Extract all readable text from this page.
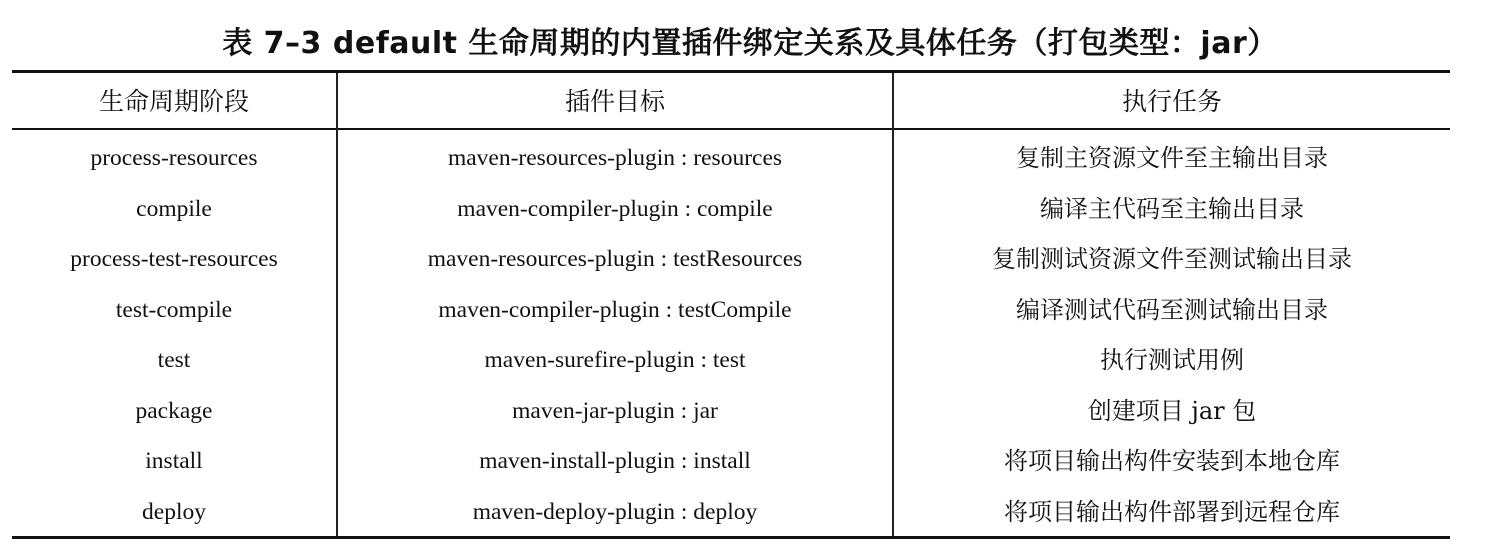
表 7–3 default 生命周期的内置插件绑定关系及具体任务（打包类型：jar）
生命周期阶段	插件目标	执行任务
process-resources	maven-resources-plugin : resources	复制主资源文件至主输出目录
compile	maven-compiler-plugin : compile	编译主代码至主输出目录
process-test-resources	maven-resources-plugin : testResources	复制测试资源文件至测试输出目录
test-compile	maven-compiler-plugin : testCompile	编译测试代码至测试输出目录
test	maven-surefire-plugin : test	执行测试用例
package	maven-jar-plugin : jar	创建项目 jar 包
install	maven-install-plugin : install	将项目输出构件安装到本地仓库
deploy	maven-deploy-plugin : deploy	将项目输出构件部署到远程仓库
